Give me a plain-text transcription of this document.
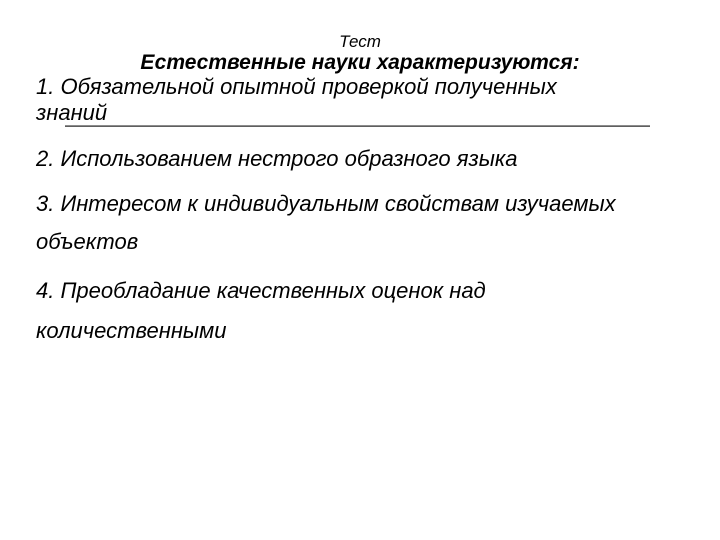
Тест
Естественные науки характеризуются:
1. Обязательной опытной проверкой полученных
знаний
2. Использованием нестрого образного языка
3. Интересом к индивидуальным свойствам изучаемых
объектов
4. Преобладание качественных оценок над
количественными
